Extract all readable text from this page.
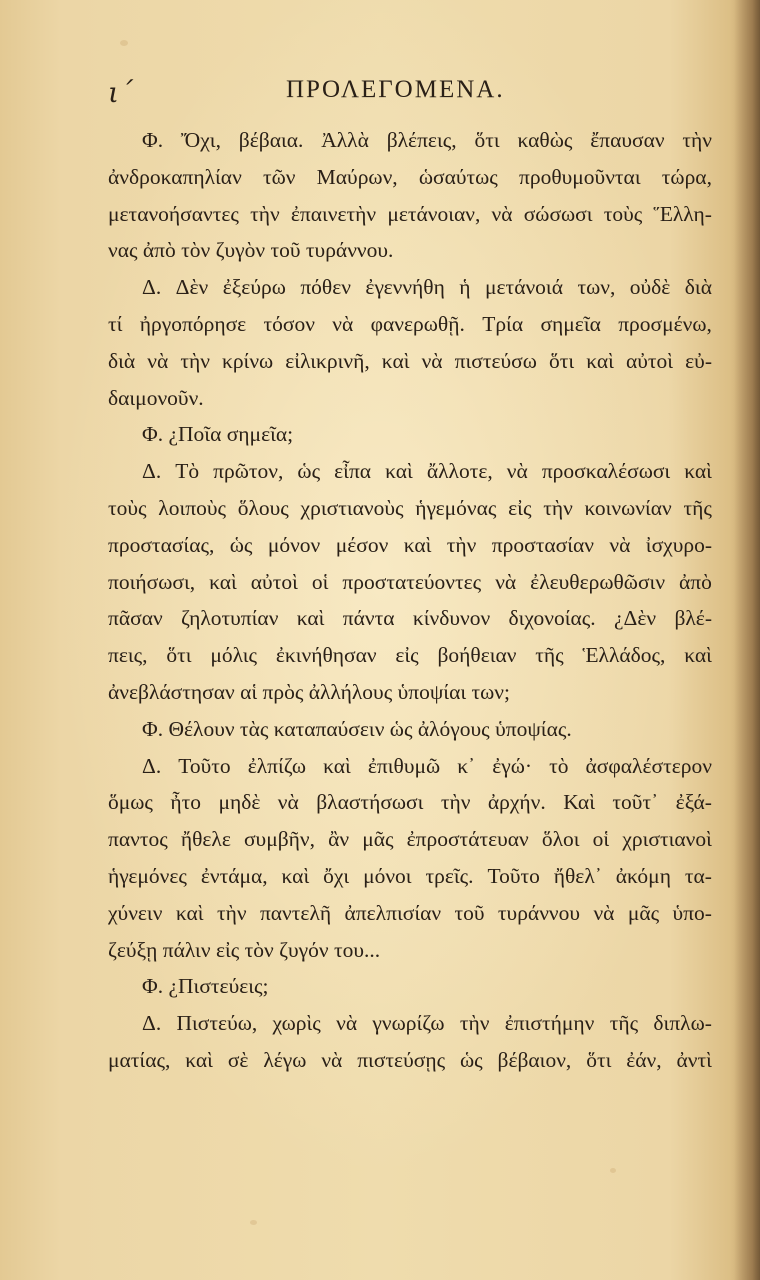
ι΄	ΠΡΟΛΕΓΟΜΕΝΑ.
Φ. Ὄχι, βέβαια. Ἀλλὰ βλέπεις, ὅτι καθὼς ἔπαυσαν τὴν
ἀνδροκαπηλίαν τῶν Μαύρων, ὡσαύτως προθυμοῦνται τώρα,
μετανοήσαντες τὴν ἐπαινετὴν μετάνοιαν, νὰ σώσωσι τοὺς Ἕλλη-
νας ἀπὸ τὸν ζυγὸν τοῦ τυράννου.
Δ. Δὲν ἐξεύρω πόθεν ἐγεννήθη ἡ μετάνοιά των, οὐδὲ διὰ
τί ἠργοπόρησε τόσον νὰ φανερωθῇ. Τρία σημεῖα προσμένω,
διὰ νὰ τὴν κρίνω εἰλικρινῆ, καὶ νὰ πιστεύσω ὅτι καὶ αὐτοὶ εὐ-
δαιμονοῦν.
Φ. ¿Ποῖα σημεῖα;
Δ. Τὸ πρῶτον, ὡς εἶπα καὶ ἄλλοτε, νὰ προσκαλέσωσι καὶ
τοὺς λοιποὺς ὅλους χριστιανοὺς ἡγεμόνας εἰς τὴν κοινωνίαν τῆς
προστασίας, ὡς μόνον μέσον καὶ τὴν προστασίαν νὰ ἰσχυρο-
ποιήσωσι, καὶ αὐτοὶ οἱ προστατεύοντες νὰ ἐλευθερωθῶσιν ἀπὸ
πᾶσαν ζηλοτυπίαν καὶ πάντα κίνδυνον διχονοίας. ¿Δὲν βλέ-
πεις, ὅτι μόλις ἐκινήθησαν εἰς βοήθειαν τῆς Ἑλλάδος, καὶ
ἀνεβλάστησαν αἱ πρὸς ἀλλήλους ὑποψίαι των;
Φ. Θέλουν τὰς καταπαύσειν ὡς ἀλόγους ὑποψίας.
Δ. Τοῦτο ἐλπίζω καὶ ἐπιθυμῶ κ᾽ ἐγώ· τὸ ἀσφαλέστερον
ὅμως ἦτο μηδὲ νὰ βλαστήσωσι τὴν ἀρχήν. Καὶ τοῦτ᾽ ἐξά-
παντος ἤθελε συμβῆν, ἂν μᾶς ἐπροστάτευαν ὅλοι οἱ χριστιανοὶ
ἡγεμόνες ἐντάμα, καὶ ὄχι μόνοι τρεῖς. Τοῦτο ἤθελ᾽ ἀκόμη τα-
χύνειν καὶ τὴν παντελῆ ἀπελπισίαν τοῦ τυράννου νὰ μᾶς ὑπο-
ζεύξῃ πάλιν εἰς τὸν ζυγόν του...
Φ. ¿Πιστεύεις;
Δ. Πιστεύω, χωρὶς νὰ γνωρίζω τὴν ἐπιστήμην τῆς διπλω-
ματίας, καὶ σὲ λέγω νὰ πιστεύσῃς ὡς βέβαιον, ὅτι ἐάν, ἀντὶ
